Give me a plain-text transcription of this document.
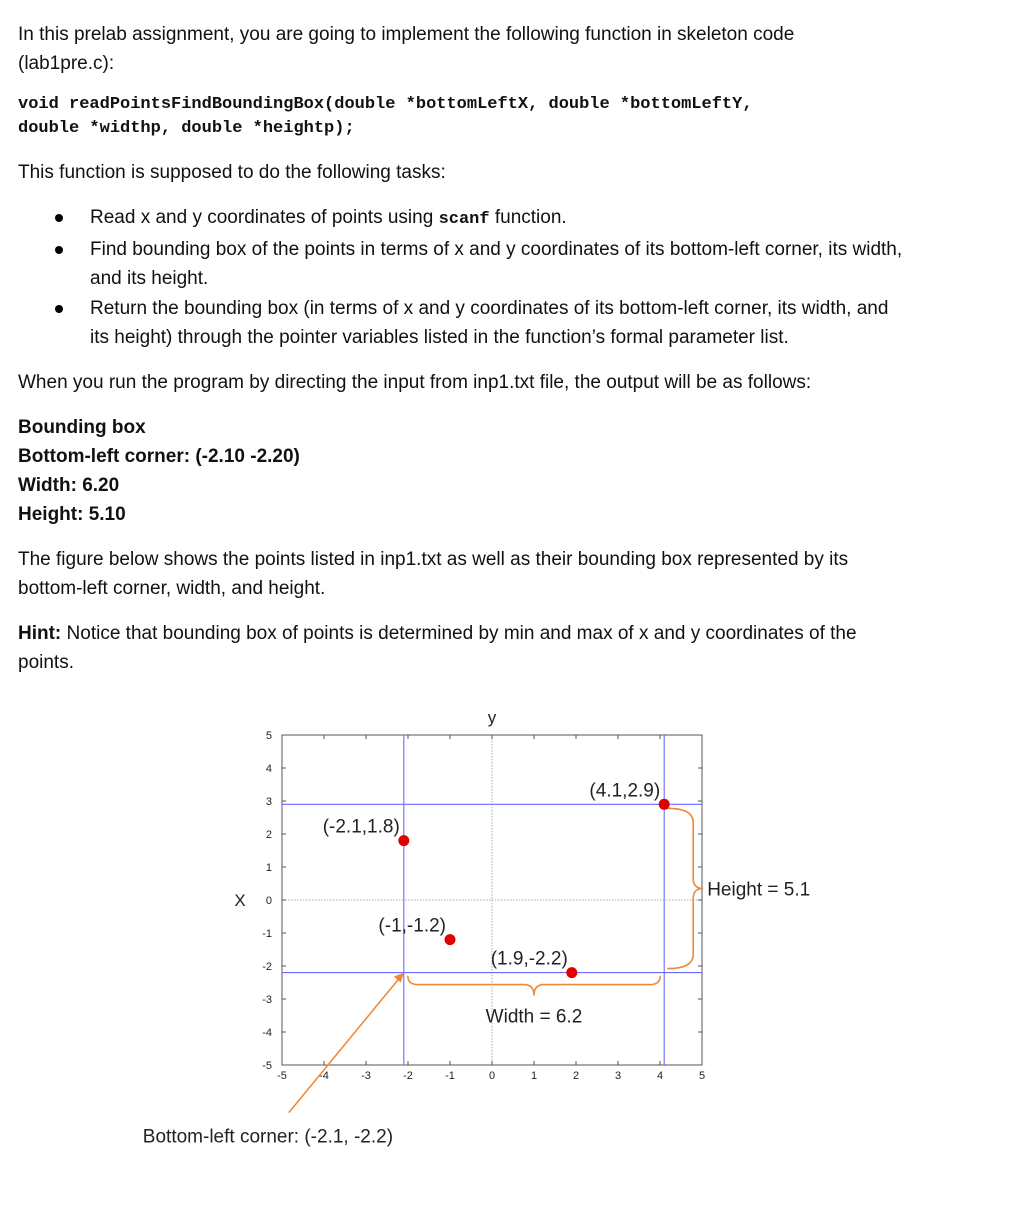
In this prelab assignment, you are going to implement the following function in skeleton code
(lab1pre.c):
void readPointsFindBoundingBox(double *bottomLeftX, double *bottomLeftY,
double *widthp, double *heightp);
This function is supposed to do the following tasks:
Read x and y coordinates of points using scanf function.
Find bounding box of the points in terms of x and y coordinates of its bottom-left corner, its width, and its height.
Return the bounding box (in terms of x and y coordinates of its bottom-left corner, its width, and its height) through the pointer variables listed in the function’s formal parameter list.
When you run the program by directing the input from inp1.txt file, the output will be as follows:
Bounding box
Bottom-left corner: (-2.10 -2.20)
Width: 6.20
Height: 5.10
The figure below shows the points listed in inp1.txt as well as their bounding box represented by its
bottom-left corner, width, and height.
Hint: Notice that bounding box of points is determined by min and max of x and y coordinates of the
points.
-5	-4	-3	-2	-1	0	1	2	3	4	5
5
4
3
2
1
0
-1
-2
-3
-4
-5
y
X
Width = 6.2
Height = 5.1
Bottom-left corner: (-2.1, -2.2)
(-2.1,1.8)
(-1,-1.2)
(1.9,-2.2)
(4.1,2.9)
